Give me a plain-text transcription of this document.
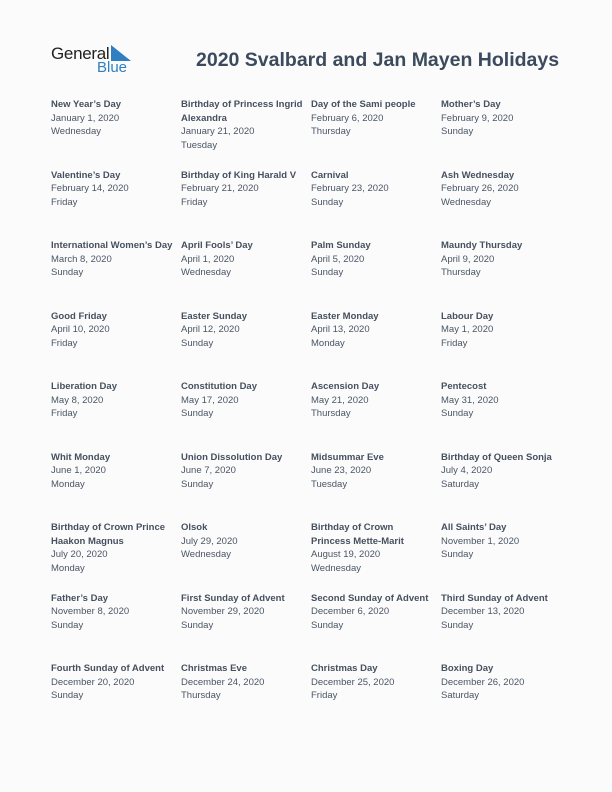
General
Blue	2020 Svalbard and Jan Mayen Holidays
New Year’s Day
January 1, 2020
Wednesday
Birthday of Princess Ingrid Alexandra
January 21, 2020
Tuesday
Day of the Sami people
February 6, 2020
Thursday
Mother’s Day
February 9, 2020
Sunday
Valentine’s Day
February 14, 2020
Friday
Birthday of King Harald V
February 21, 2020
Friday
Carnival
February 23, 2020
Sunday
Ash Wednesday
February 26, 2020
Wednesday
International Women’s Day
March 8, 2020
Sunday
April Fools’ Day
April 1, 2020
Wednesday
Palm Sunday
April 5, 2020
Sunday
Maundy Thursday
April 9, 2020
Thursday
Good Friday
April 10, 2020
Friday
Easter Sunday
April 12, 2020
Sunday
Easter Monday
April 13, 2020
Monday
Labour Day
May 1, 2020
Friday
Liberation Day
May 8, 2020
Friday
Constitution Day
May 17, 2020
Sunday
Ascension Day
May 21, 2020
Thursday
Pentecost
May 31, 2020
Sunday
Whit Monday
June 1, 2020
Monday
Union Dissolution Day
June 7, 2020
Sunday
Midsummar Eve
June 23, 2020
Tuesday
Birthday of Queen Sonja
July 4, 2020
Saturday
Birthday of Crown Prince Haakon Magnus
July 20, 2020
Monday
Olsok
July 29, 2020
Wednesday
Birthday of Crown Princess Mette-Marit
August 19, 2020
Wednesday
All Saints’ Day
November 1, 2020
Sunday
Father’s Day
November 8, 2020
Sunday
First Sunday of Advent
November 29, 2020
Sunday
Second Sunday of Advent
December 6, 2020
Sunday
Third Sunday of Advent
December 13, 2020
Sunday
Fourth Sunday of Advent
December 20, 2020
Sunday
Christmas Eve
December 24, 2020
Thursday
Christmas Day
December 25, 2020
Friday
Boxing Day
December 26, 2020
Saturday
